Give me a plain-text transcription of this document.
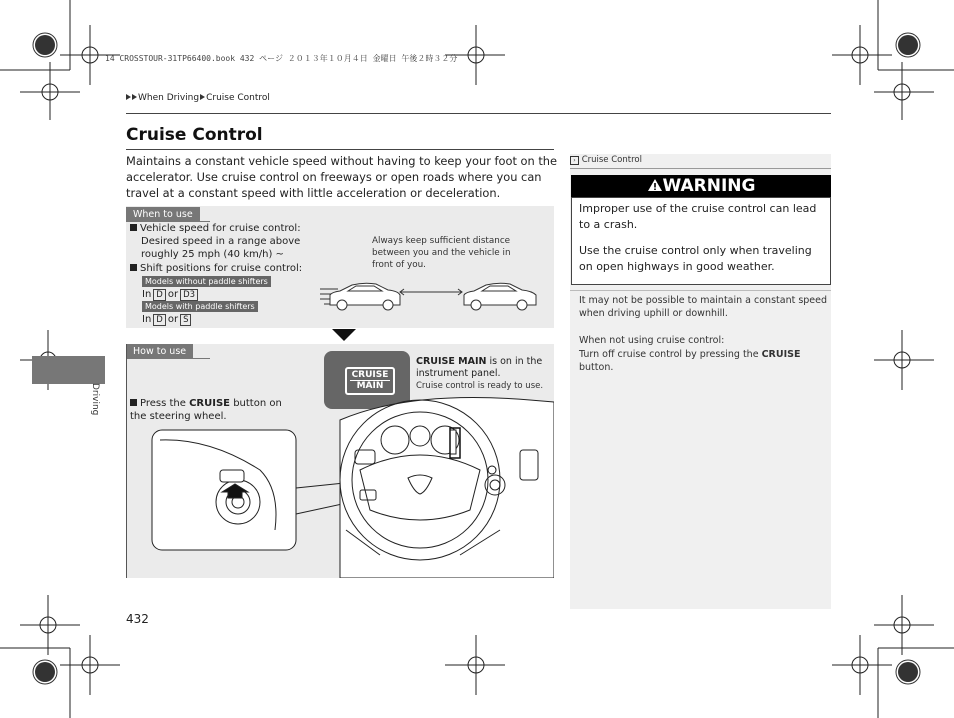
14 CROSSTOUR-31TP66400.book 432 ページ ２０１３年１０月４日 金曜日 午後２時３２分
When Driving Cruise Control
Cruise Control
Maintains a constant vehicle speed without having to keep your foot on the accelerator. Use cruise control on freeways or open roads where you can travel at a constant speed with little acceleration or deceleration.
When to use
Vehicle speed for cruise control:
Desired speed in a range above roughly 25 mph (40 km/h) ~
Shift positions for cruise control:
Models without paddle shifters
In D or D3
Models with paddle shifters
In D or S
Always keep sufficient distance between you and the vehicle in front of you.
How to use
CRUISE
MAIN
CRUISE MAIN is on in the instrument panel.
Cruise control is ready to use.
Press the CRUISE button on the steering wheel.
Driving
› Cruise Control
WARNING
Improper use of the cruise control can lead to a crash.
Use the cruise control only when traveling on open highways in good weather.
It may not be possible to maintain a constant speed when driving uphill or downhill.
When not using cruise control:
Turn off cruise control by pressing the CRUISE button.
432
